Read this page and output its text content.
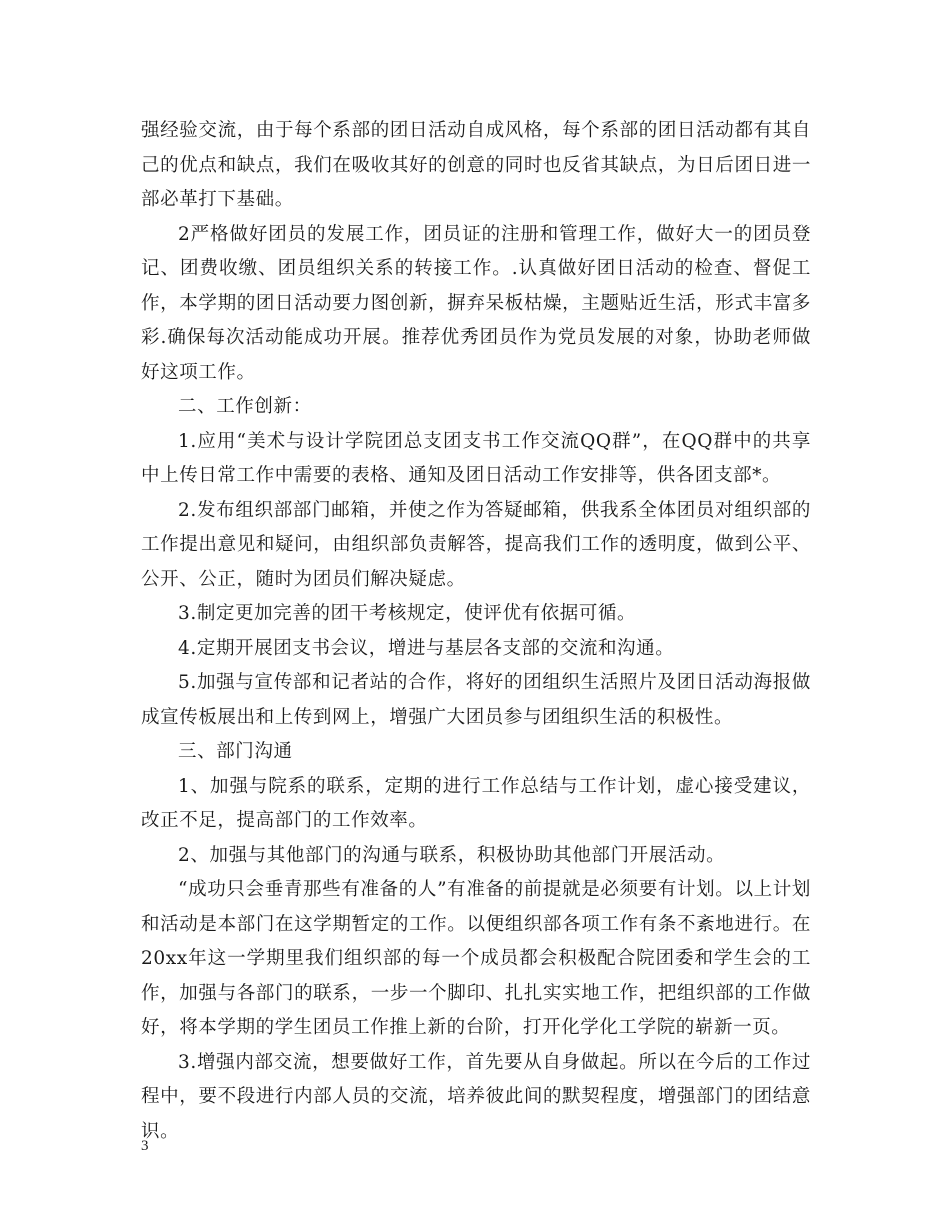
强经验交流，由于每个系部的团日活动自成风格，每个系部的团日活动都有其自己的优点和缺点，我们在吸收其好的创意的同时也反省其缺点，为日后团日进一部必革打下基础。

2严格做好团员的发展工作，团员证的注册和管理工作，做好大一的团员登记、团费收缴、团员组织关系的转接工作。.认真做好团日活动的检查、督促工作，本学期的团日活动要力图创新，摒弃呆板枯燥，主题贴近生活，形式丰富多彩.确保每次活动能成功开展。推荐优秀团员作为党员发展的对象，协助老师做好这项工作。

二、工作创新：

1.应用“美术与设计学院团总支团支书工作交流QQ群”，在QQ群中的共享中上传日常工作中需要的表格、通知及团日活动工作安排等，供各团支部*。

2.发布组织部部门邮箱，并使之作为答疑邮箱，供我系全体团员对组织部的工作提出意见和疑问，由组织部负责解答，提高我们工作的透明度，做到公平、公开、公正，随时为团员们解决疑虑。

3.制定更加完善的团干考核规定，使评优有依据可循。

4.定期开展团支书会议，增进与基层各支部的交流和沟通。

5.加强与宣传部和记者站的合作，将好的团组织生活照片及团日活动海报做成宣传板展出和上传到网上，增强广大团员参与团组织生活的积极性。

三、部门沟通

1、加强与院系的联系，定期的进行工作总结与工作计划，虚心接受建议，改正不足，提高部门的工作效率。

2、加强与其他部门的沟通与联系，积极协助其他部门开展活动。

“成功只会垂青那些有准备的人”有准备的前提就是必须要有计划。以上计划和活动是本部门在这学期暂定的工作。以便组织部各项工作有条不紊地进行。在20xx年这一学期里我们组织部的每一个成员都会积极配合院团委和学生会的工作，加强与各部门的联系，一步一个脚印、扎扎实实地工作，把组织部的工作做好，将本学期的学生团员工作推上新的台阶，打开化学化工学院的崭新一页。

3.增强内部交流，想要做好工作，首先要从自身做起。所以在今后的工作过程中，要不段进行内部人员的交流，培养彼此间的默契程度，增强部门的团结意识。

3
